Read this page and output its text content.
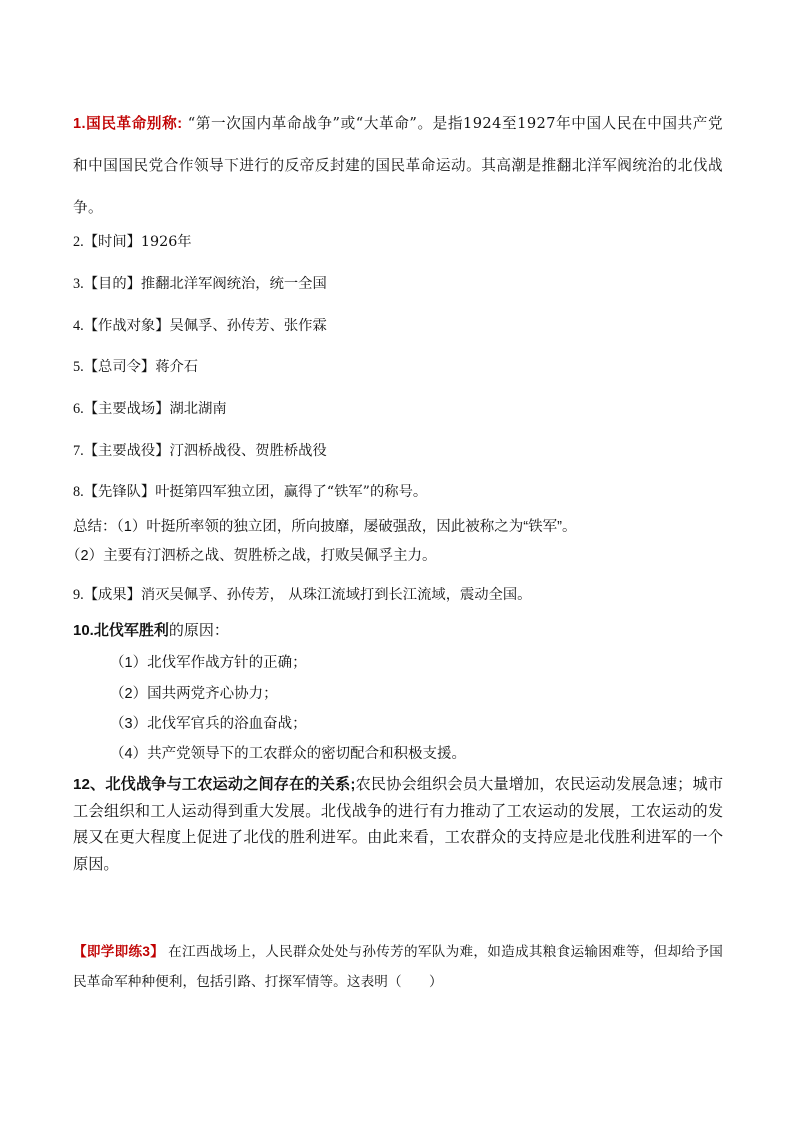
1.国民革命别称: “第一次国内革命战争”或“大革命”。是指1924至1927年中国人民在中国共产党和中国国民党合作领导下进行的反帝反封建的国民革命运动。其高潮是推翻北洋军阀统治的北伐战争。

2.【时间】1926年

3.【目的】推翻北洋军阀统治，统一全国

4.【作战对象】吴佩孚、孙传芳、张作霖

5.【总司令】蒋介石

6.【主要战场】湖北湖南

7.【主要战役】汀泗桥战役、贺胜桥战役

8.【先锋队】叶挺第四军独立团，赢得了“铁军”的称号。

总结：（1）叶挺所率领的独立团，所向披靡，屡破强敌，因此被称之为“铁军”。

（2）主要有汀泗桥之战、贺胜桥之战，打败吴佩孚主力。

9.【成果】消灭吴佩孚、孙传芳， 从珠江流域打到长江流域，震动全国。

10.北伐军胜利的原因：

（1）北伐军作战方针的正确；

（2）国共两党齐心协力；

（3）北伐军官兵的浴血奋战；

（4）共产党领导下的工农群众的密切配合和积极支援。

12、北伐战争与工农运动之间存在的关系;农民协会组织会员大量增加，农民运动发展急速；城市工会组织和工人运动得到重大发展。北伐战争的进行有力推动了工农运动的发展，工农运动的发展又在更大程度上促进了北伐的胜利进军。由此来看，工农群众的支持应是北伐胜利进军的一个原因。

【即学即练3】 在江西战场上，人民群众处处与孙传芳的军队为难，如造成其粮食运输困难等，但却给予国民革命军种种便利，包括引路、打探军情等。这表明（　　）
